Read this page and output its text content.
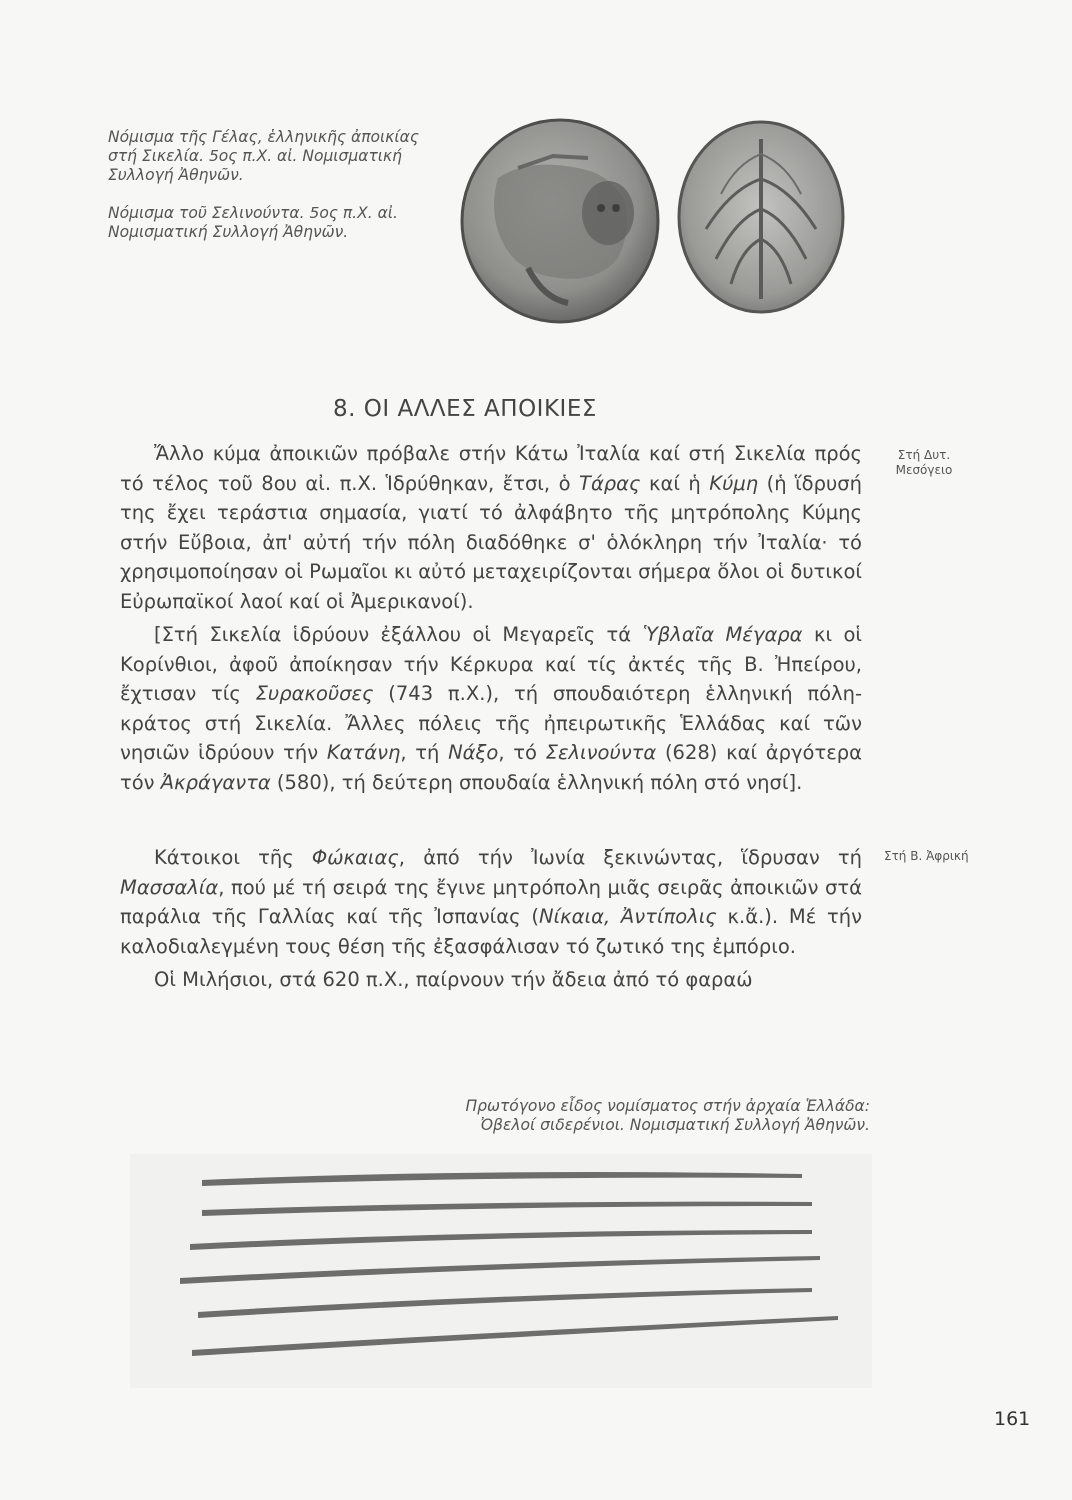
Νόμισμα τῆς Γέλας, ἑλληνικῆς ἀποικίας στή Σικελία. 5ος π.Χ. αἰ. Νομισματική Συλλογή Ἀθηνῶν.
Νόμισμα τοῦ Σελινούντα. 5ος π.Χ. αἰ. Νομισματική Συλλογή Ἀθηνῶν.
8. ΟΙ ΑΛΛΕΣ ΑΠΟΙΚΙΕΣ

Ἄλλο κύμα ἀποικιῶν πρόβαλε στήν Κάτω Ἰταλία καί στή Σικελία πρός τό τέλος τοῦ 8ου αἰ. π.Χ. Ἱδρύθηκαν, ἔτσι, ὁ Τάρας καί ἡ Κύμη (ἡ ἵδρυσή της ἔχει τεράστια σημασία, γιατί τό ἀλφάβητο τῆς μητρόπολης Κύμης στήν Εὔβοια, ἀπ' αὐτή τήν πόλη διαδόθηκε σ' ὁλόκληρη τήν Ἰταλία· τό χρησιμοποίησαν οἱ Ρωμαῖοι κι αὐτό μεταχειρίζονται σήμερα ὅλοι οἱ δυτικοί Εὐρωπαϊκοί λαοί καί οἱ Ἀμερικανοί).

[Στή Σικελία ἱδρύουν ἐξάλλου οἱ Μεγαρεῖς τά Ὑβλαῖα Μέγαρα κι οἱ Κορίνθιοι, ἀφοῦ ἀποίκησαν τήν Κέρκυρα καί τίς ἀκτές τῆς Β. Ἠπείρου, ἔχτισαν τίς Συρακοῦσες (743 π.Χ.), τή σπουδαιότερη ἑλληνική πόλη-κράτος στή Σικελία. Ἄλλες πόλεις τῆς ἠπειρωτικῆς Ἑλλάδας καί τῶν νησιῶν ἱδρύουν τήν Κατάνη, τή Νάξο, τό Σελινούντα (628) καί ἀργότερα τόν Ἀκράγαντα (580), τή δεύτερη σπουδαία ἑλληνική πόλη στό νησί].

Κάτοικοι τῆς Φώκαιας, ἀπό τήν Ἰωνία ξεκινώντας, ἵδρυσαν τή Μασσαλία, πού μέ τή σειρά της ἔγινε μητρόπολη μιᾶς σειρᾶς ἀποικιῶν στά παράλια τῆς Γαλλίας καί τῆς Ἰσπανίας (Νίκαια, Ἀντίπολις κ.ἄ.). Μέ τήν καλοδιαλεγμένη τους θέση τῆς ἐξασφάλισαν τό ζωτικό της ἐμπόριο.

Οἱ Μιλήσιοι, στά 620 π.Χ., παίρνουν τήν ἄδεια ἀπό τό φαραώ

Στή Δυτ.
Μεσόγειο
Στή Β. Ἀφρική
Πρωτόγονο εἶδος νομίσματος στήν ἀρχαία Ἑλλάδα:
Ὀβελοί σιδερένιοι. Νομισματική Συλλογή Ἀθηνῶν.
161
